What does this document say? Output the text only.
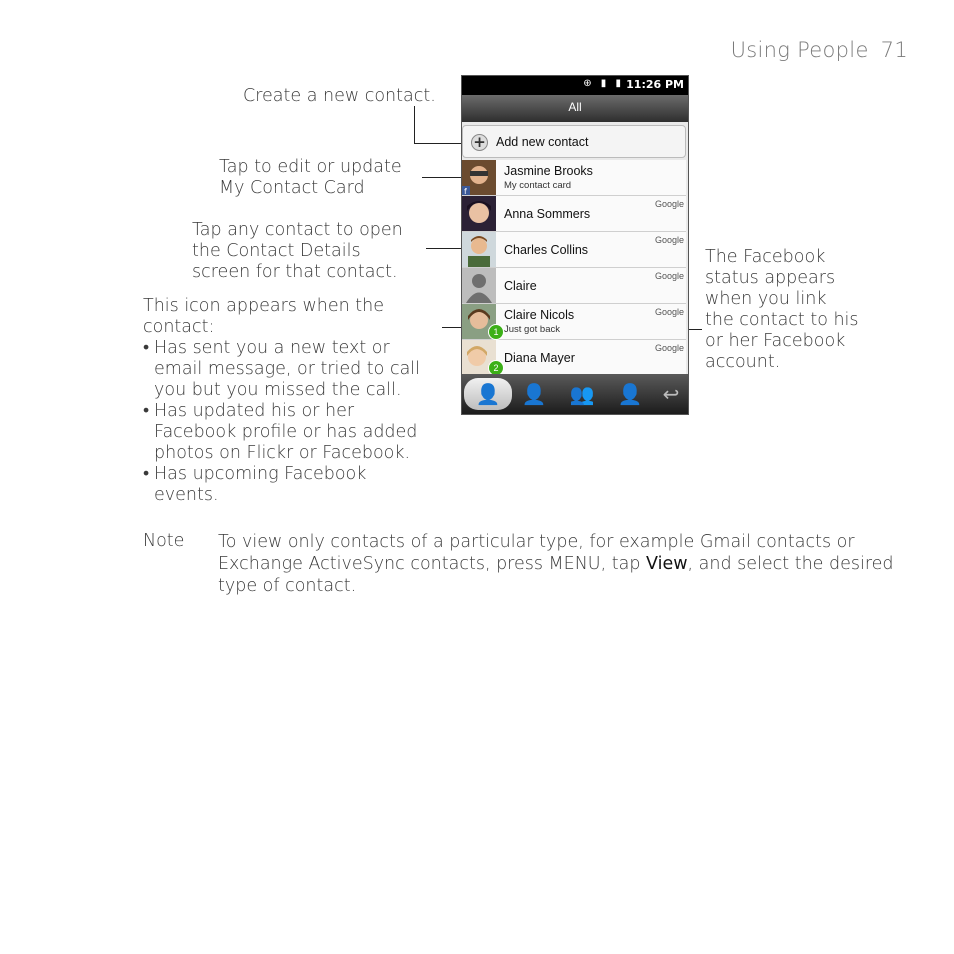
Using People 71
Create a new contact.
Tap to edit or update
My Contact Card
Tap any contact to open
the Contact Details
screen for that contact.
This icon appears when the
contact:
• Has sent you a new text or
email message, or tried to call
you but you missed the call.
• Has updated his or her
Facebook profile or has added
photos on Flickr or Facebook.
• Has upcoming Facebook
events.
The Facebook
status appears
when you link
the contact to his
or her Facebook
account.
⊕ ▮ ▮ 11:26 PM
All
+ Add new contact
f
Jasmine Brooks
My contact card
Anna Sommers
Google
Charles Collins
Google
Claire
Google
1
Claire Nicols
Just got back
Google
2
Diana Mayer
Google
👤	👤	👥	👤	↩
Note To view only contacts of a particular type, for example Gmail contacts or Exchange ActiveSync contacts, press MENU, tap View, and select the desired type of contact.
